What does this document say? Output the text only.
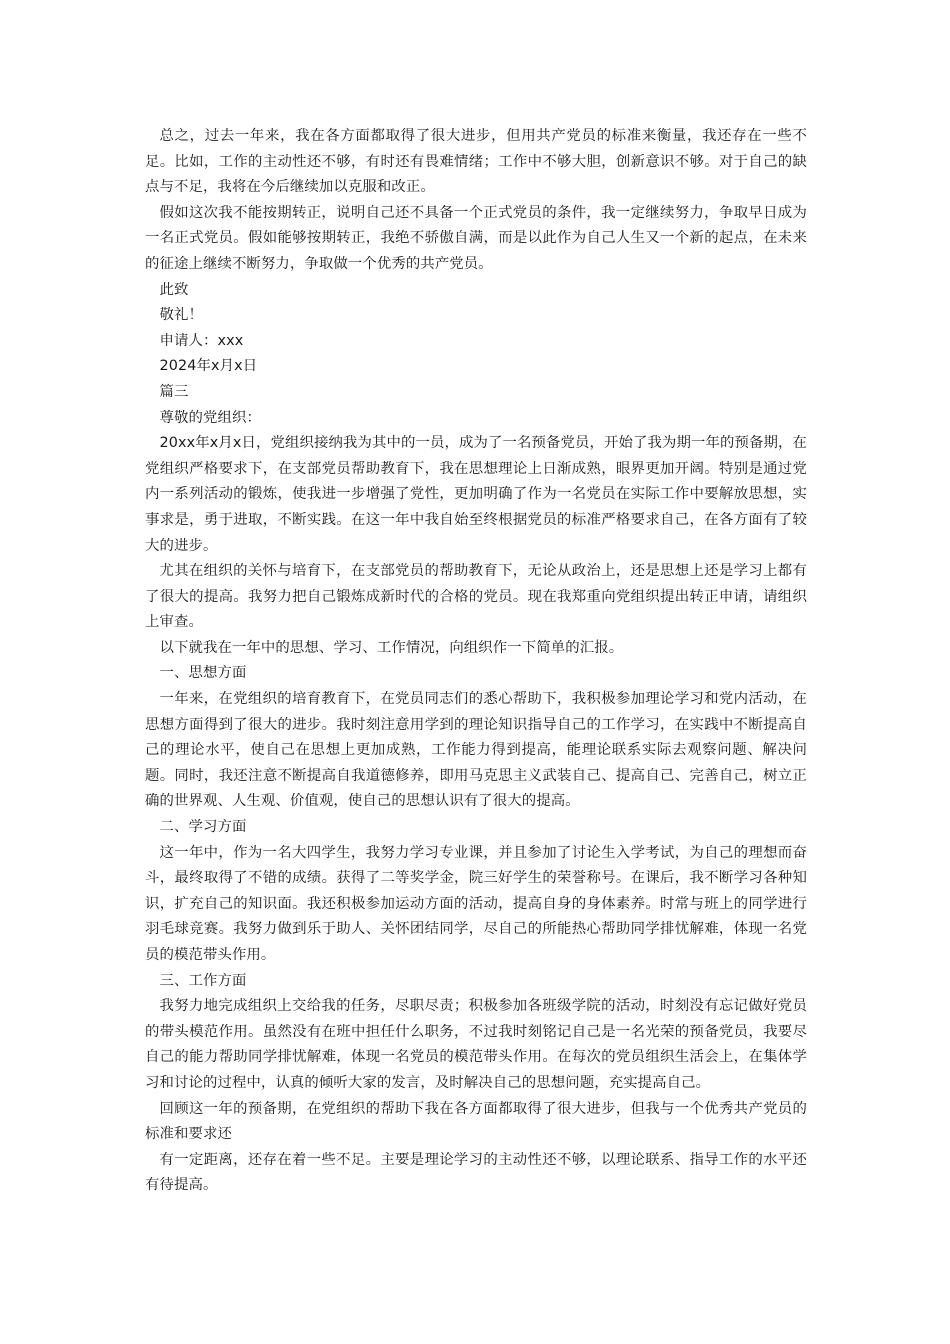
总之，过去一年来，我在各方面都取得了很大进步，但用共产党员的标准来衡量，我还存在一些不足。比如，工作的主动性还不够，有时还有畏难情绪；工作中不够大胆，创新意识不够。对于自己的缺点与不足，我将在今后继续加以克服和改正。

假如这次我不能按期转正，说明自己还不具备一个正式党员的条件，我一定继续努力，争取早日成为一名正式党员。假如能够按期转正，我绝不骄傲自满，而是以此作为自己人生又一个新的起点，在未来的征途上继续不断努力，争取做一个优秀的共产党员。

此致

敬礼！

申请人：xxx

2024年x月x日

篇三

尊敬的党组织：

20xx年x月x日，党组织接纳我为其中的一员，成为了一名预备党员，开始了我为期一年的预备期，在党组织严格要求下，在支部党员帮助教育下，我在思想理论上日渐成熟，眼界更加开阔。特别是通过党内一系列活动的锻炼，使我进一步增强了党性，更加明确了作为一名党员在实际工作中要解放思想，实事求是，勇于进取，不断实践。在这一年中我自始至终根据党员的标准严格要求自己，在各方面有了较大的进步。

尤其在组织的关怀与培育下，在支部党员的帮助教育下，无论从政治上，还是思想上还是学习上都有了很大的提高。我努力把自己锻炼成新时代的合格的党员。现在我郑重向党组织提出转正申请，请组织上审查。

以下就我在一年中的思想、学习、工作情况，向组织作一下简单的汇报。

一、思想方面

一年来，在党组织的培育教育下，在党员同志们的悉心帮助下，我积极参加理论学习和党内活动，在思想方面得到了很大的进步。我时刻注意用学到的理论知识指导自己的工作学习，在实践中不断提高自己的理论水平，使自己在思想上更加成熟，工作能力得到提高，能理论联系实际去观察问题、解决问题。同时，我还注意不断提高自我道德修养，即用马克思主义武装自己、提高自己、完善自己，树立正确的世界观、人生观、价值观，使自己的思想认识有了很大的提高。

二、学习方面

这一年中，作为一名大四学生，我努力学习专业课，并且参加了讨论生入学考试，为自己的理想而奋斗，最终取得了不错的成绩。获得了二等奖学金，院三好学生的荣誉称号。在课后，我不断学习各种知识，扩充自己的知识面。我还积极参加运动方面的活动，提高自身的身体素养。时常与班上的同学进行羽毛球竞赛。我努力做到乐于助人、关怀团结同学，尽自己的所能热心帮助同学排忧解难，体现一名党员的模范带头作用。

三、工作方面

我努力地完成组织上交给我的任务，尽职尽责；积极参加各班级学院的活动，时刻没有忘记做好党员的带头模范作用。虽然没有在班中担任什么职务，不过我时刻铭记自己是一名光荣的预备党员，我要尽自己的能力帮助同学排忧解难，体现一名党员的模范带头作用。在每次的党员组织生活会上，在集体学习和讨论的过程中，认真的倾听大家的发言，及时解决自己的思想问题，充实提高自己。

回顾这一年的预备期，在党组织的帮助下我在各方面都取得了很大进步，但我与一个优秀共产党员的标准和要求还

有一定距离，还存在着一些不足。主要是理论学习的主动性还不够，以理论联系、指导工作的水平还有待提高。
